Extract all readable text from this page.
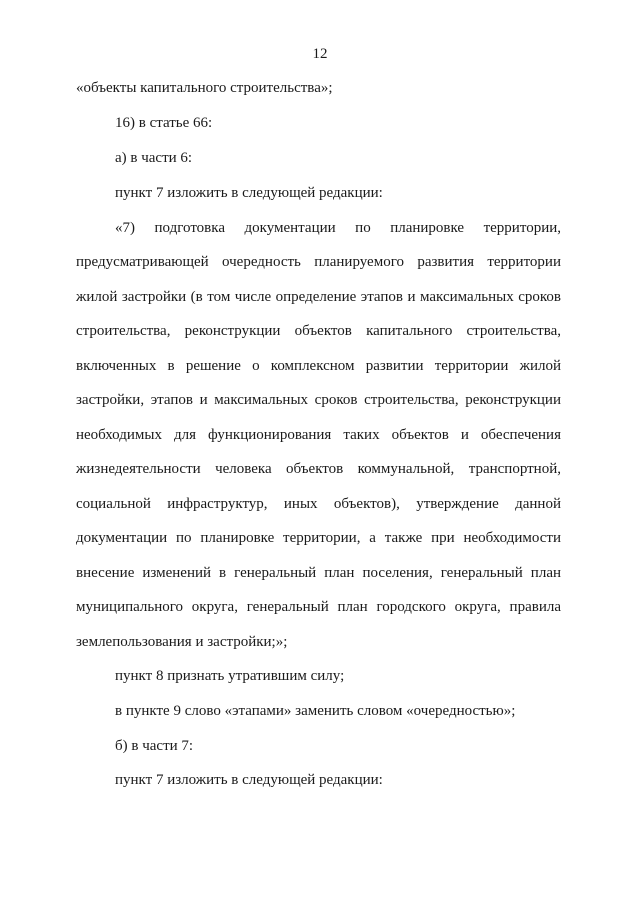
12
«объекты капитального строительства»;
16) в статье 66:
а) в части 6:
пункт 7 изложить в следующей редакции:
«7) подготовка документации по планировке территории,
предусматривающей очередность планируемого развития территории
жилой застройки (в том числе определение этапов и максимальных сроков
строительства, реконструкции объектов капитального строительства,
включенных в решение о комплексном развитии территории жилой
застройки, этапов и максимальных сроков строительства, реконструкции
необходимых для функционирования таких объектов и обеспечения
жизнедеятельности человека объектов коммунальной, транспортной,
социальной инфраструктур, иных объектов), утверждение данной
документации по планировке территории, а также при необходимости
внесение изменений в генеральный план поселения, генеральный план
муниципального округа, генеральный план городского округа, правила
землепользования и застройки;»;
пункт 8 признать утратившим силу;
в пункте 9 слово «этапами» заменить словом «очередностью»;
б) в части 7:
пункт 7 изложить в следующей редакции:
